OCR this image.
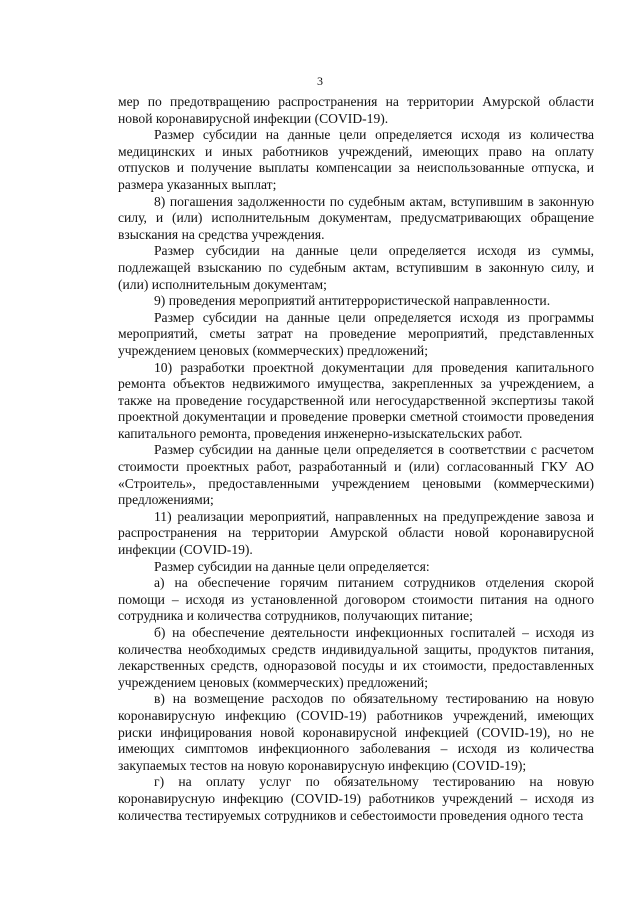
3

мер по предотвращению распространения на территории Амурской области новой коронавирусной инфекции (COVID-19).

Размер субсидии на данные цели определяется исходя из количества медицинских и иных работников учреждений, имеющих право на оплату отпусков и получение выплаты компенсации за неиспользованные отпуска, и размера указанных выплат;

8) погашения задолженности по судебным актам, вступившим в законную силу, и (или) исполнительным документам, предусматривающих обращение взыскания на средства учреждения.

Размер субсидии на данные цели определяется исходя из суммы, подлежащей взысканию по судебным актам, вступившим в законную силу, и (или) исполнительным документам;

9) проведения мероприятий антитеррористической направленности.

Размер субсидии на данные цели определяется исходя из программы мероприятий, сметы затрат на проведение мероприятий, представленных учреждением ценовых (коммерческих) предложений;

10) разработки проектной документации для проведения капитального ремонта объектов недвижимого имущества, закрепленных за учреждением, а также на проведение государственной или негосударственной экспертизы такой проектной документации и проведение проверки сметной стоимости проведения капитального ремонта, проведения инженерно-изыскательских работ.

Размер субсидии на данные цели определяется в соответствии с расчетом стоимости проектных работ, разработанный и (или) согласованный ГКУ АО «Строитель», предоставленными учреждением ценовыми (коммерческими) предложениями;

11) реализации мероприятий, направленных на предупреждение завоза и распространения на территории Амурской области новой коронавирусной инфекции (COVID-19).

Размер субсидии на данные цели определяется:

а) на обеспечение горячим питанием сотрудников отделения скорой помощи – исходя из установленной договором стоимости питания на одного сотрудника и количества сотрудников, получающих питание;

б) на обеспечение деятельности инфекционных госпиталей – исходя из количества необходимых средств индивидуальной защиты, продуктов питания, лекарственных средств, одноразовой посуды и их стоимости, предоставленных учреждением ценовых (коммерческих) предложений;

в) на возмещение расходов по обязательному тестированию на новую коронавирусную инфекцию (COVID-19) работников учреждений, имеющих риски инфицирования новой коронавирусной инфекцией (COVID-19), но не имеющих симптомов инфекционного заболевания – исходя из количества закупаемых тестов на новую коронавирусную инфекцию (COVID-19);

г) на оплату услуг по обязательному тестированию на новую коронавирусную инфекцию (COVID-19) работников учреждений – исходя из количества тестируемых сотрудников и себестоимости проведения одного теста
